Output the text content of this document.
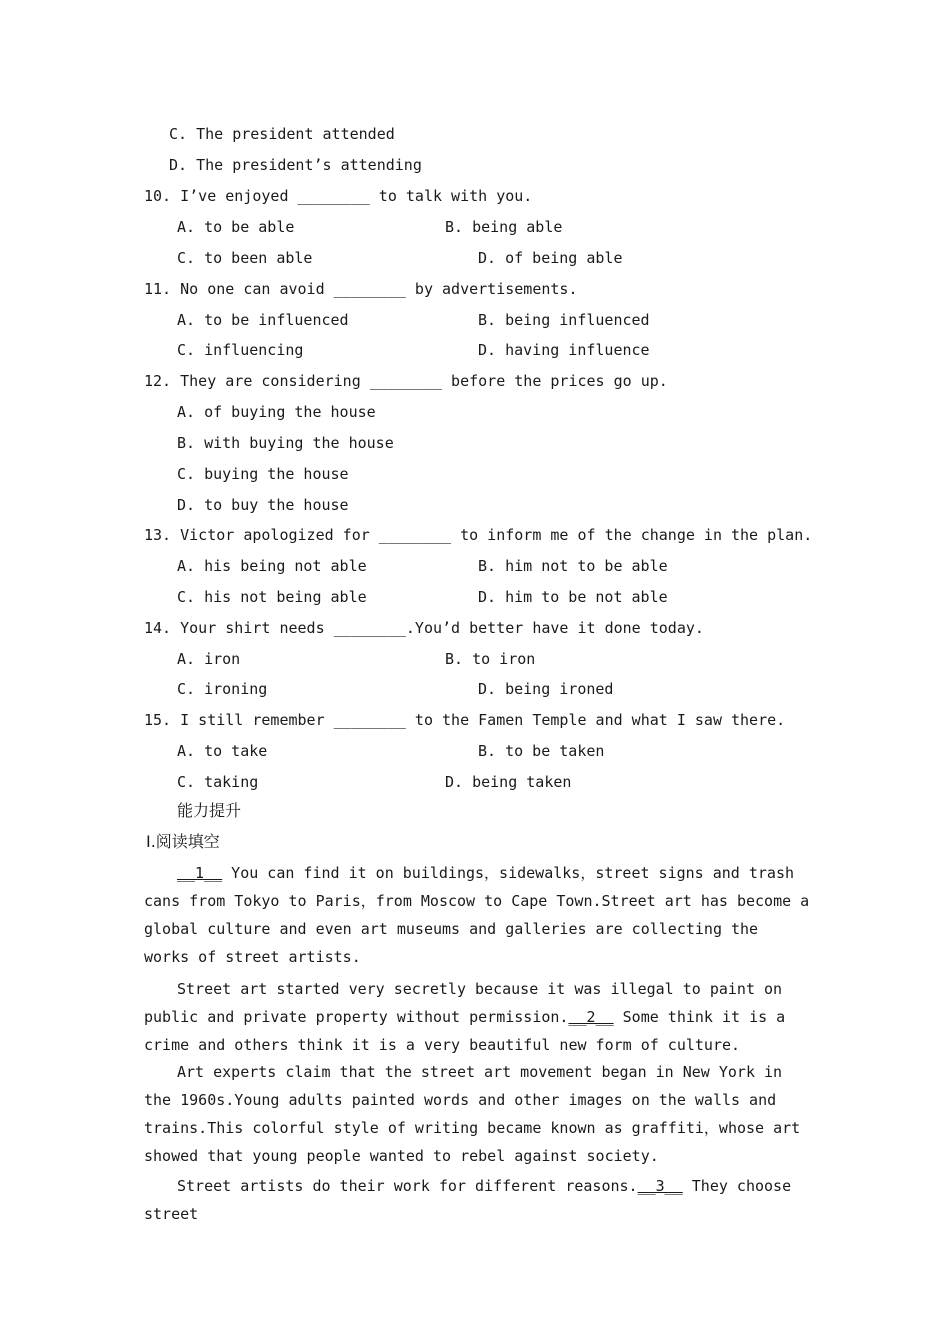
C. The president attended
D. The president’s attending
10. I’ve enjoyed ________ to talk with you.
A. to be able	B. being able
C. to been able	D. of being able
11. No one can avoid ________ by advertisements.
A. to be influenced	B. being influenced
C. influencing	D. having influence
12. They are considering ________ before the prices go up.
A. of buying the house
B. with buying the house
C. buying the house
D. to buy the house
13. Victor apologized for ________ to inform me of the change in the plan.
A. his being not able	B. him not to be able
C. his not being able	D. him to be not able
14. Your shirt needs ________.You’d better have it done today.
A. iron	B. to iron
C. ironing	D. being ironed
15. I still remember ________ to the Famen Temple and what I saw there.
A. to take	B. to be taken
C. taking	D. being taken
能力提升
Ⅰ.阅读填空
__1__ You can find it on buildings，sidewalks，street signs and trash cans from Tokyo to Paris，from Moscow to Cape Town.Street art has become a global culture and even art museums and galleries are collecting the works of street artists.
Street art started very secretly because it was illegal to paint on public and private property without permission.__2__ Some think it is a crime and others think it is a very beautiful new form of culture.
Art experts claim that the street art movement began in New York in the 1960s.Young adults painted words and other images on the walls and trains.This colorful style of writing became known as graffiti，whose art showed that young people wanted to rebel against society.
Street artists do their work for different reasons.__3__ They choose street
